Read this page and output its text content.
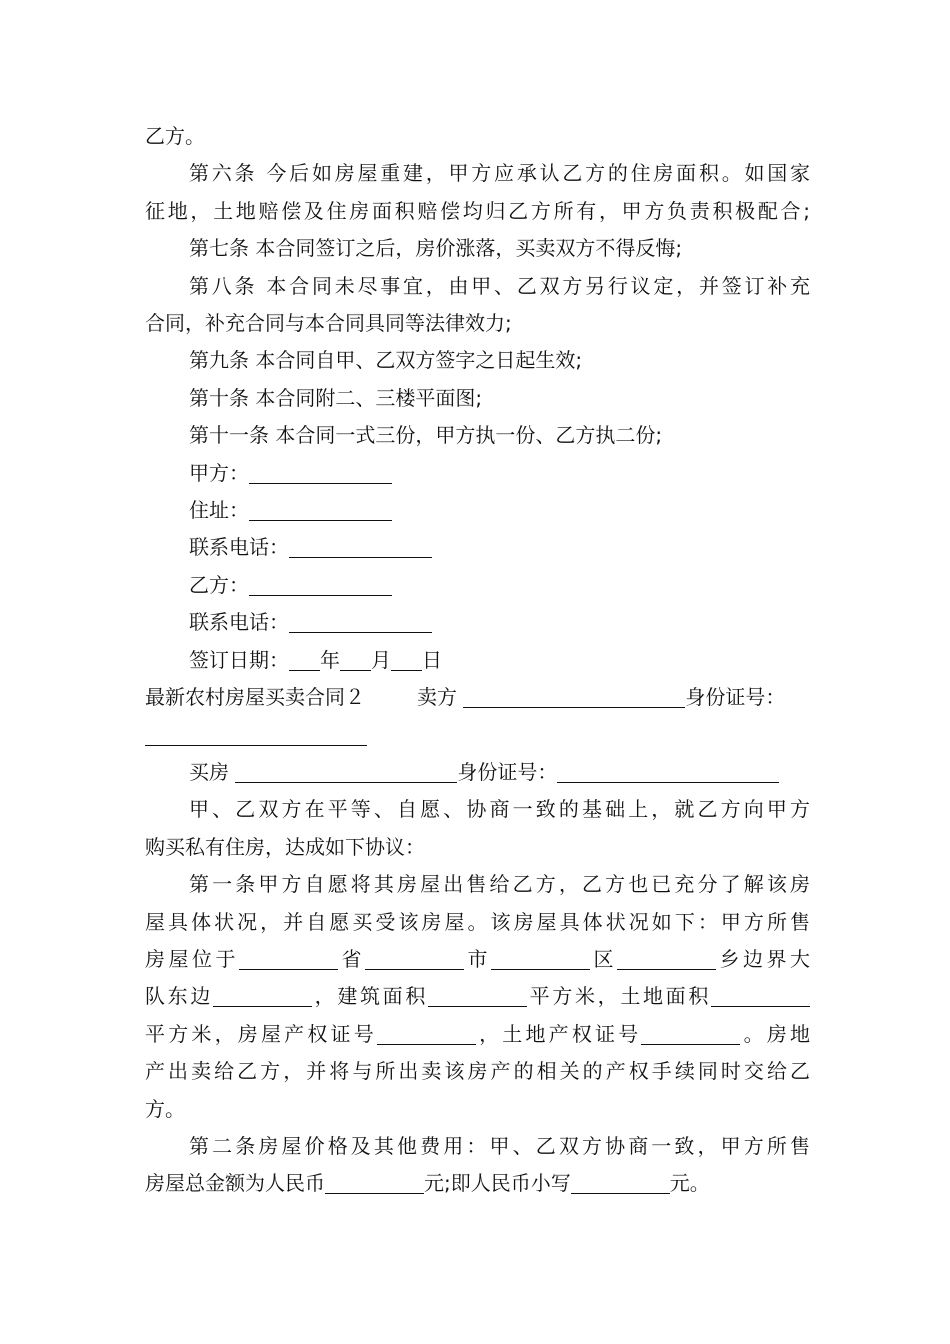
乙方。

第六条 今后如房屋重建，甲方应承认乙方的住房面积。如国家

征地，土地赔偿及住房面积赔偿均归乙方所有，甲方负责积极配合;

第七条 本合同签订之后，房价涨落，买卖双方不得反悔;

第八条 本合同未尽事宜，由甲、乙双方另行议定，并签订补充

合同，补充合同与本合同具同等法律效力;

第九条 本合同自甲、乙双方签字之日起生效;

第十条 本合同附二、三楼平面图;

第十一条 本合同一式三份，甲方执一份、乙方执二份;

甲方：

住址：

联系电话：

乙方：

联系电话：

签订日期： 年 月 日

最新农村房屋买卖合同２	卖方	身份证号：

买房	身份证号：

甲、乙双方在平等、自愿、协商一致的基础上，就乙方向甲方

购买私有住房，达成如下协议：

第一条甲方自愿将其房屋出售给乙方，乙方也已充分了解该房

屋具体状况，并自愿买受该房屋。该房屋具体状况如下：甲方所售

房屋位于	省	市	区	乡边界大

队东边	，建筑面积	平方米，土地面积

平方米，房屋产权证号	，土地产权证号	。房地

产出卖给乙方，并将与所出卖该房产的相关的产权手续同时交给乙

方。

第二条房屋价格及其他费用：甲、乙双方协商一致，甲方所售

房屋总金额为人民币	元;即人民币小写	元。
